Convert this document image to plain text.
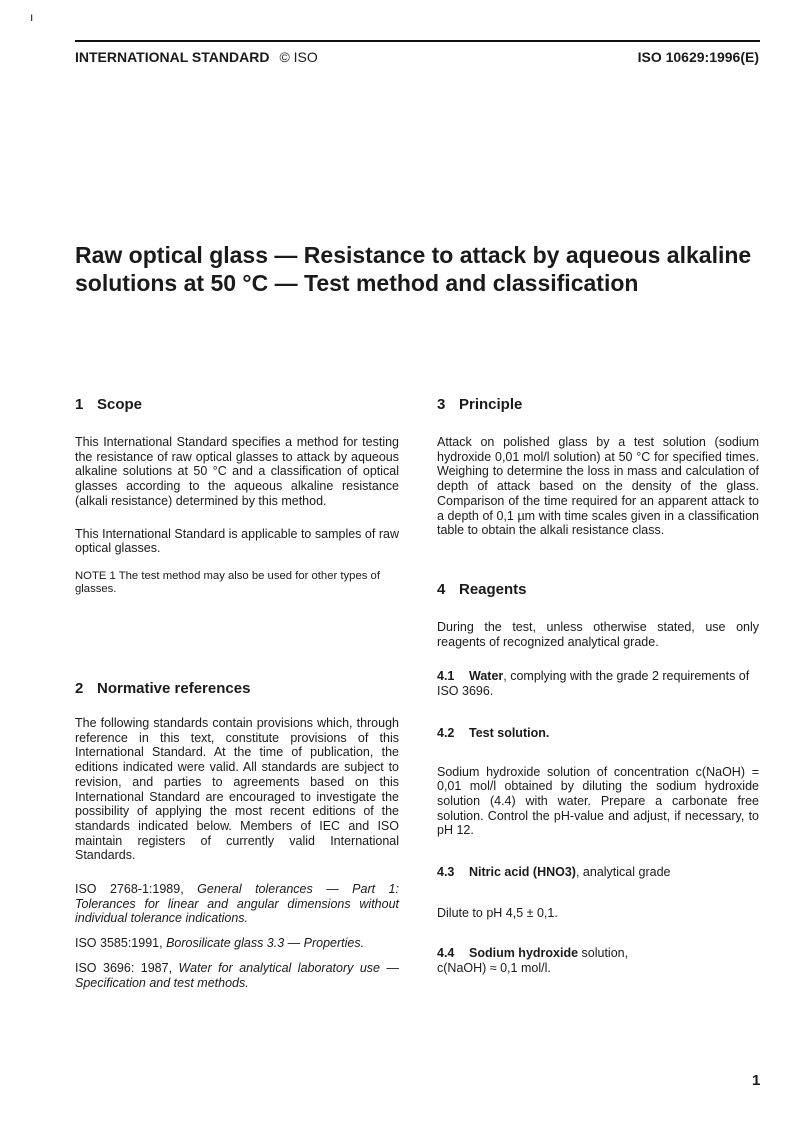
ı
INTERNATIONAL STANDARD © ISO	ISO 10629:1996(E)
Raw optical glass — Resistance to attack by aqueous alkaline solutions at 50 °C — Test method and classification
1 Scope

This International Standard specifies a method for testing the resistance of raw optical glasses to attack by aqueous alkaline solutions at 50 °C and a classification of optical glasses according to the aqueous alkaline resistance (alkali resistance) determined by this method.

This International Standard is applicable to samples of raw optical glasses.

NOTE 1 The test method may also be used for other types of glasses.

2 Normative references

The following standards contain provisions which, through reference in this text, constitute provisions of this International Standard. At the time of publication, the editions indicated were valid. All standards are subject to revision, and parties to agreements based on this International Standard are encouraged to investigate the possibility of applying the most recent editions of the standards indicated below. Members of IEC and ISO maintain registers of currently valid International Standards.

ISO 2768-1:1989, General tolerances — Part 1: Tolerances for linear and angular dimensions without individual tolerance indications.

ISO 3585:1991, Borosilicate glass 3.3 — Properties.

ISO 3696: 1987, Water for analytical laboratory use — Specification and test methods.

3 Principle

Attack on polished glass by a test solution (sodium hydroxide 0,01 mol/l solution) at 50 °C for specified times. Weighing to determine the loss in mass and calculation of depth of attack based on the density of the glass. Comparison of the time required for an apparent attack to a depth of 0,1 µm with time scales given in a classification table to obtain the alkali resistance class.

4 Reagents

During the test, unless otherwise stated, use only reagents of recognized analytical grade.

4.1 Water, complying with the grade 2 requirements of ISO 3696.

4.2 Test solution.

Sodium hydroxide solution of concentration c(NaOH) = 0,01 mol/l obtained by diluting the sodium hydroxide solution (4.4) with water. Prepare a carbonate free solution. Control the pH-value and adjust, if necessary, to pH 12.

4.3 Nitric acid (HNO3), analytical grade

Dilute to pH 4,5 ± 0,1.

4.4 Sodium hydroxide solution,

c(NaOH) ≈ 0,1 mol/l.

1
